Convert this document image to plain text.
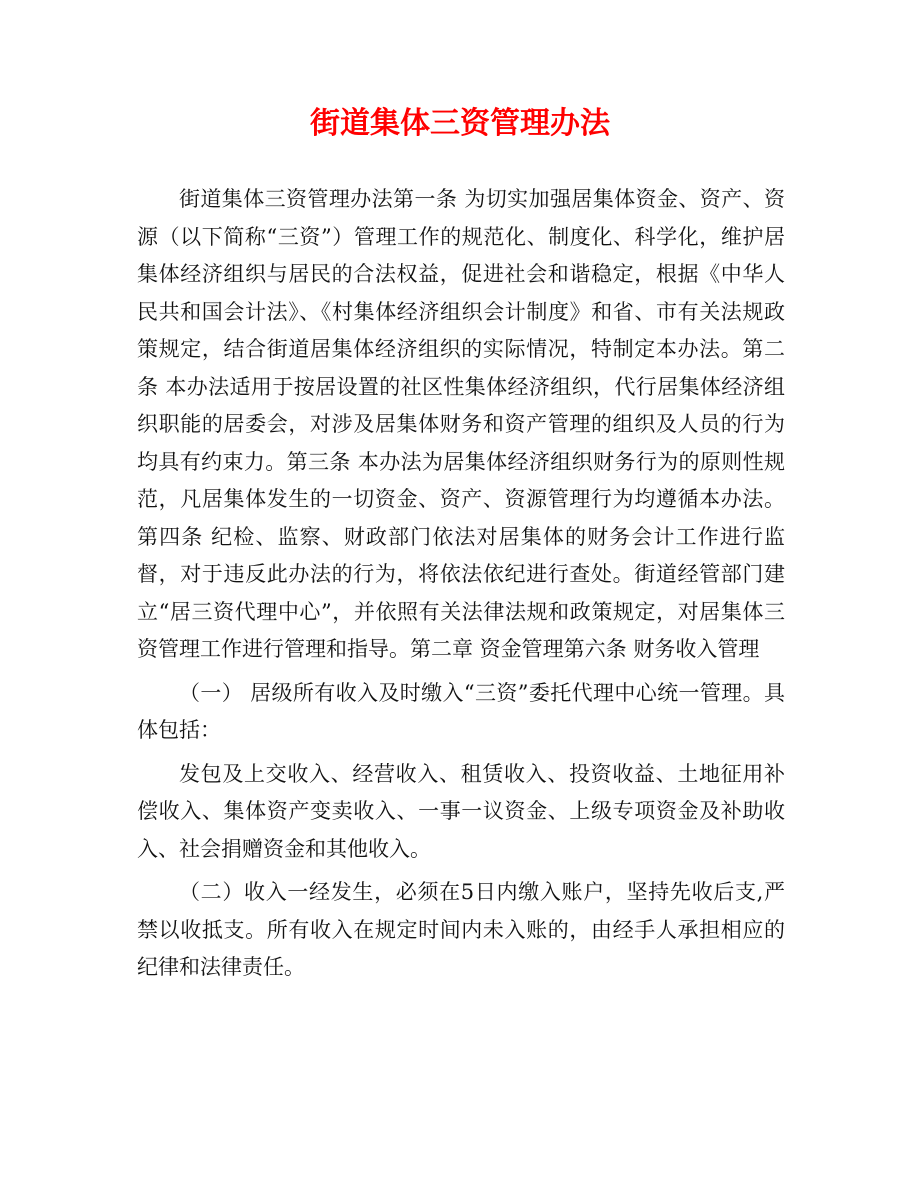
街道集体三资管理办法

街道集体三资管理办法第一条 为切实加强居集体资金、资产、资源（以下简称“三资”）管理工作的规范化、制度化、科学化，维护居集体经济组织与居民的合法权益，促进社会和谐稳定，根据《中华人民共和国会计法》、《村集体经济组织会计制度》和省、市有关法规政策规定，结合街道居集体经济组织的实际情况，特制定本办法。第二条 本办法适用于按居设置的社区性集体经济组织，代行居集体经济组织职能的居委会，对涉及居集体财务和资产管理的组织及人员的行为均具有约束力。第三条 本办法为居集体经济组织财务行为的原则性规范，凡居集体发生的一切资金、资产、资源管理行为均遵循本办法。第四条 纪检、监察、财政部门依法对居集体的财务会计工作进行监督，对于违反此办法的行为，将依法依纪进行查处。街道经管部门建立“居三资代理中心”，并依照有关法律法规和政策规定，对居集体三资管理工作进行管理和指导。第二章 资金管理第六条 财务收入管理

（一） 居级所有收入及时缴入“三资”委托代理中心统一管理。具体包括：

发包及上交收入、经营收入、租赁收入、投资收益、土地征用补偿收入、集体资产变卖收入、一事一议资金、上级专项资金及补助收入、社会捐赠资金和其他收入。

（二）收入一经发生，必须在5日内缴入账户，坚持先收后支,严禁以收抵支。所有收入在规定时间内未入账的，由经手人承担相应的纪律和法律责任。
